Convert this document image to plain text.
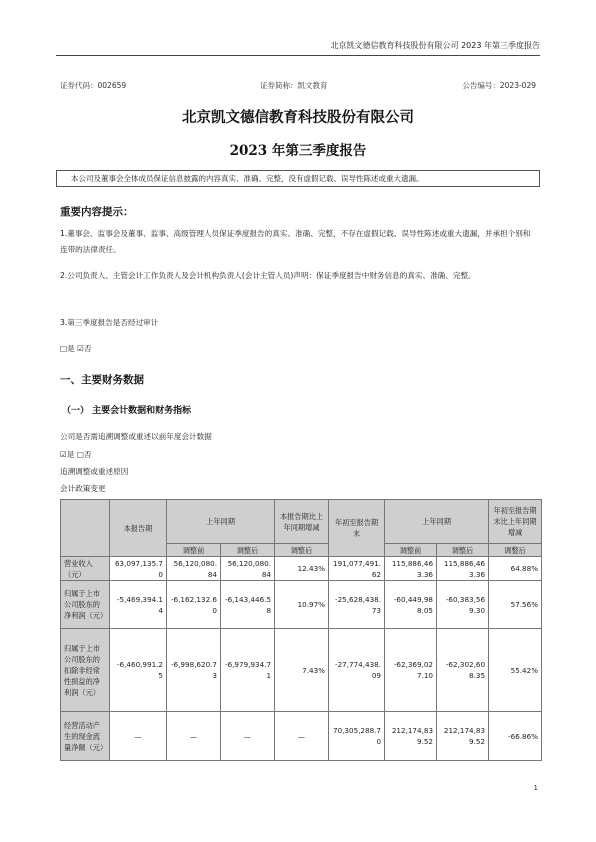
北京凯文德信教育科技股份有限公司 2023 年第三季度报告
证券代码：002659	证券简称：凯文教育	公告编号：2023-029
北京凯文德信教育科技股份有限公司
2023 年第三季度报告
本公司及董事会全体成员保证信息披露的内容真实、准确、完整，没有虚假记载、误导性陈述或重大遗漏。
重要内容提示：
1.董事会、监事会及董事、监事、高级管理人员保证季度报告的真实、准确、完整，不存在虚假记载、误导性陈述或重大遗漏，并承担个别和连带的法律责任。
2.公司负责人、主管会计工作负责人及会计机构负责人(会计主管人员)声明：保证季度报告中财务信息的真实、准确、完整。
3.第三季度报告是否经过审计
□是 ☑否
一、主要财务数据
（一） 主要会计数据和财务指标
公司是否需追溯调整或重述以前年度会计数据
☑是 □否
追溯调整或重述原因
会计政策变更
	本报告期	上年同期		本报告期比上年同期增减	年初至报告期末	上年同期		年初至报告期末比上年同期增减
		调整前	调整后	调整后		调整前	调整后	调整后
营业收入（元）	63,097,135.70	56,120,080.84	56,120,080.84	12.43%	191,077,491.62	115,886,463.36	115,886,463.36	64.88%
归属于上市公司股东的净利润（元）	-5,469,394.14	-6,162,132.60	-6,143,446.58	10.97%	-25,628,438.73	-60,449,988.05	-60,383,569.30	57.56%
归属于上市公司股东的扣除非经常性损益的净利润（元）	-6,460,991.25	-6,998,620.73	-6,979,934.71	7.43%	-27,774,438.09	-62,369,027.10	-62,302,608.35	55.42%
经营活动产生的现金流量净额（元）	—	—	—	—	70,305,288.70	212,174,839.52	212,174,839.52	-66.86%
1
